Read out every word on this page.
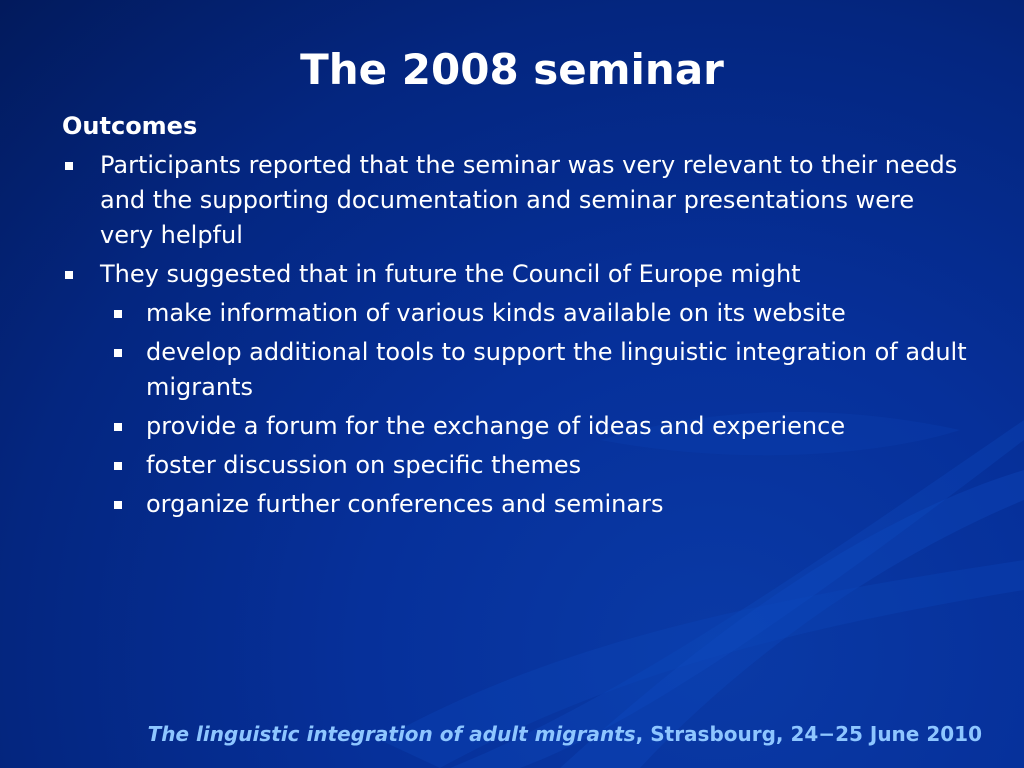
The 2008 seminar
Outcomes
Participants reported that the seminar was very relevant to their needs and the supporting documentation and seminar presentations were very helpful
They suggested that in future the Council of Europe might
make information of various kinds available on its website
develop additional tools to support the linguistic integration of adult migrants
provide a forum for the exchange of ideas and experience
foster discussion on specific themes
organize further conferences and seminars
The linguistic integration of adult migrants, Strasbourg, 24−25 June 2010
